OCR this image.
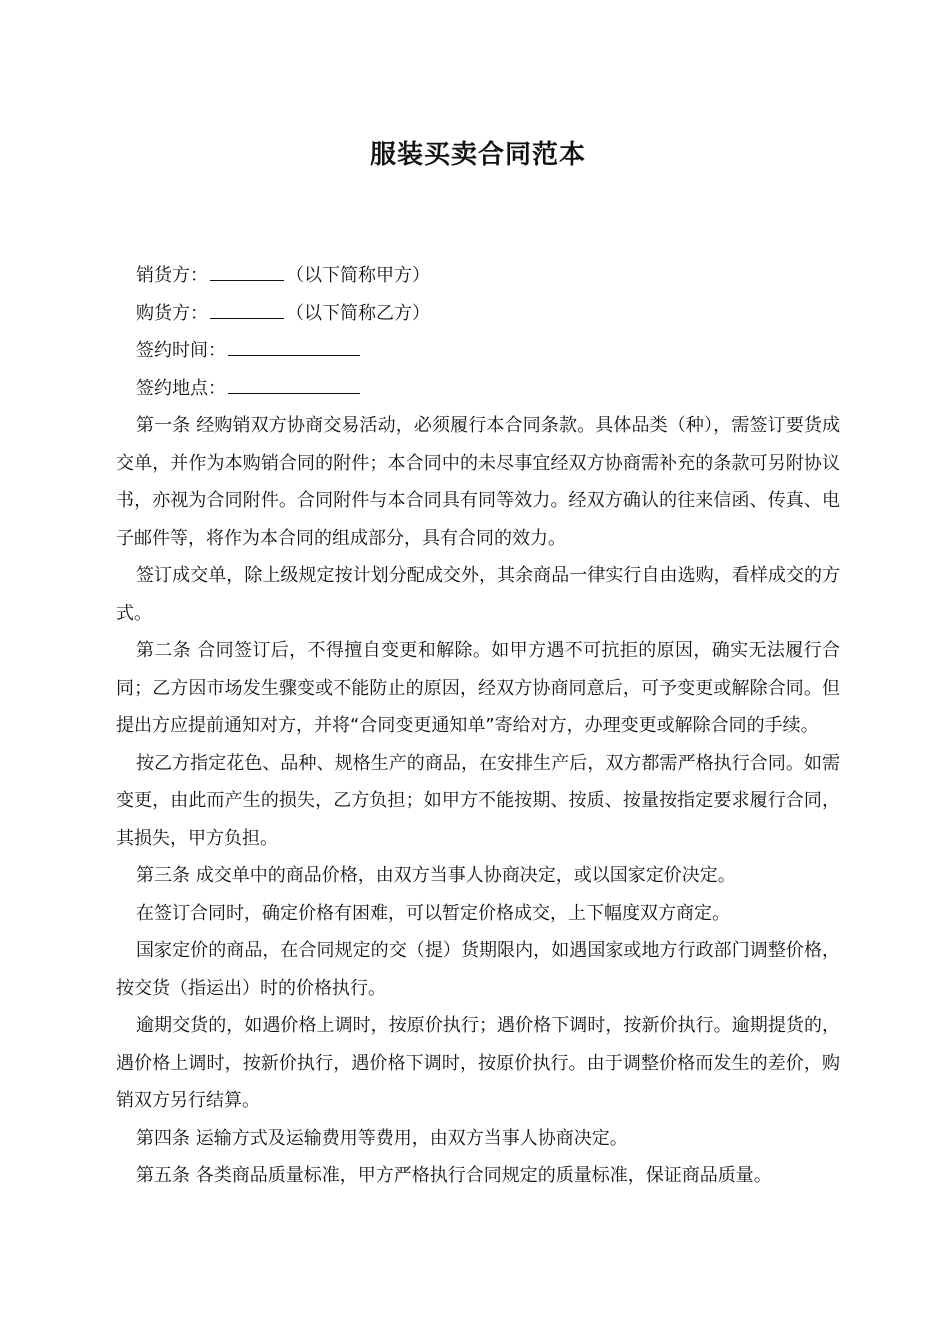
服装买卖合同范本

销货方：	（以下简称甲方）

购货方：	（以下简称乙方）

签约时间：

签约地点：

第一条 经购销双方协商交易活动，必须履行本合同条款。具体品类（种），需签订要货成交单，并作为本购销合同的附件；本合同中的未尽事宜经双方协商需补充的条款可另附协议书，亦视为合同附件。合同附件与本合同具有同等效力。经双方确认的往来信函、传真、电子邮件等，将作为本合同的组成部分，具有合同的效力。

签订成交单，除上级规定按计划分配成交外，其余商品一律实行自由选购，看样成交的方式。

第二条 合同签订后，不得擅自变更和解除。如甲方遇不可抗拒的原因，确实无法履行合同；乙方因市场发生骤变或不能防止的原因，经双方协商同意后，可予变更或解除合同。但提出方应提前通知对方，并将“合同变更通知单”寄给对方，办理变更或解除合同的手续。

按乙方指定花色、品种、规格生产的商品，在安排生产后，双方都需严格执行合同。如需变更，由此而产生的损失，乙方负担；如甲方不能按期、按质、按量按指定要求履行合同，其损失，甲方负担。

第三条 成交单中的商品价格，由双方当事人协商决定，或以国家定价决定。

在签订合同时，确定价格有困难，可以暂定价格成交，上下幅度双方商定。

国家定价的商品，在合同规定的交（提）货期限内，如遇国家或地方行政部门调整价格，按交货（指运出）时的价格执行。

逾期交货的，如遇价格上调时，按原价执行；遇价格下调时，按新价执行。逾期提货的，遇价格上调时，按新价执行，遇价格下调时，按原价执行。由于调整价格而发生的差价，购销双方另行结算。

第四条 运输方式及运输费用等费用，由双方当事人协商决定。

第五条 各类商品质量标准，甲方严格执行合同规定的质量标准，保证商品质量。
